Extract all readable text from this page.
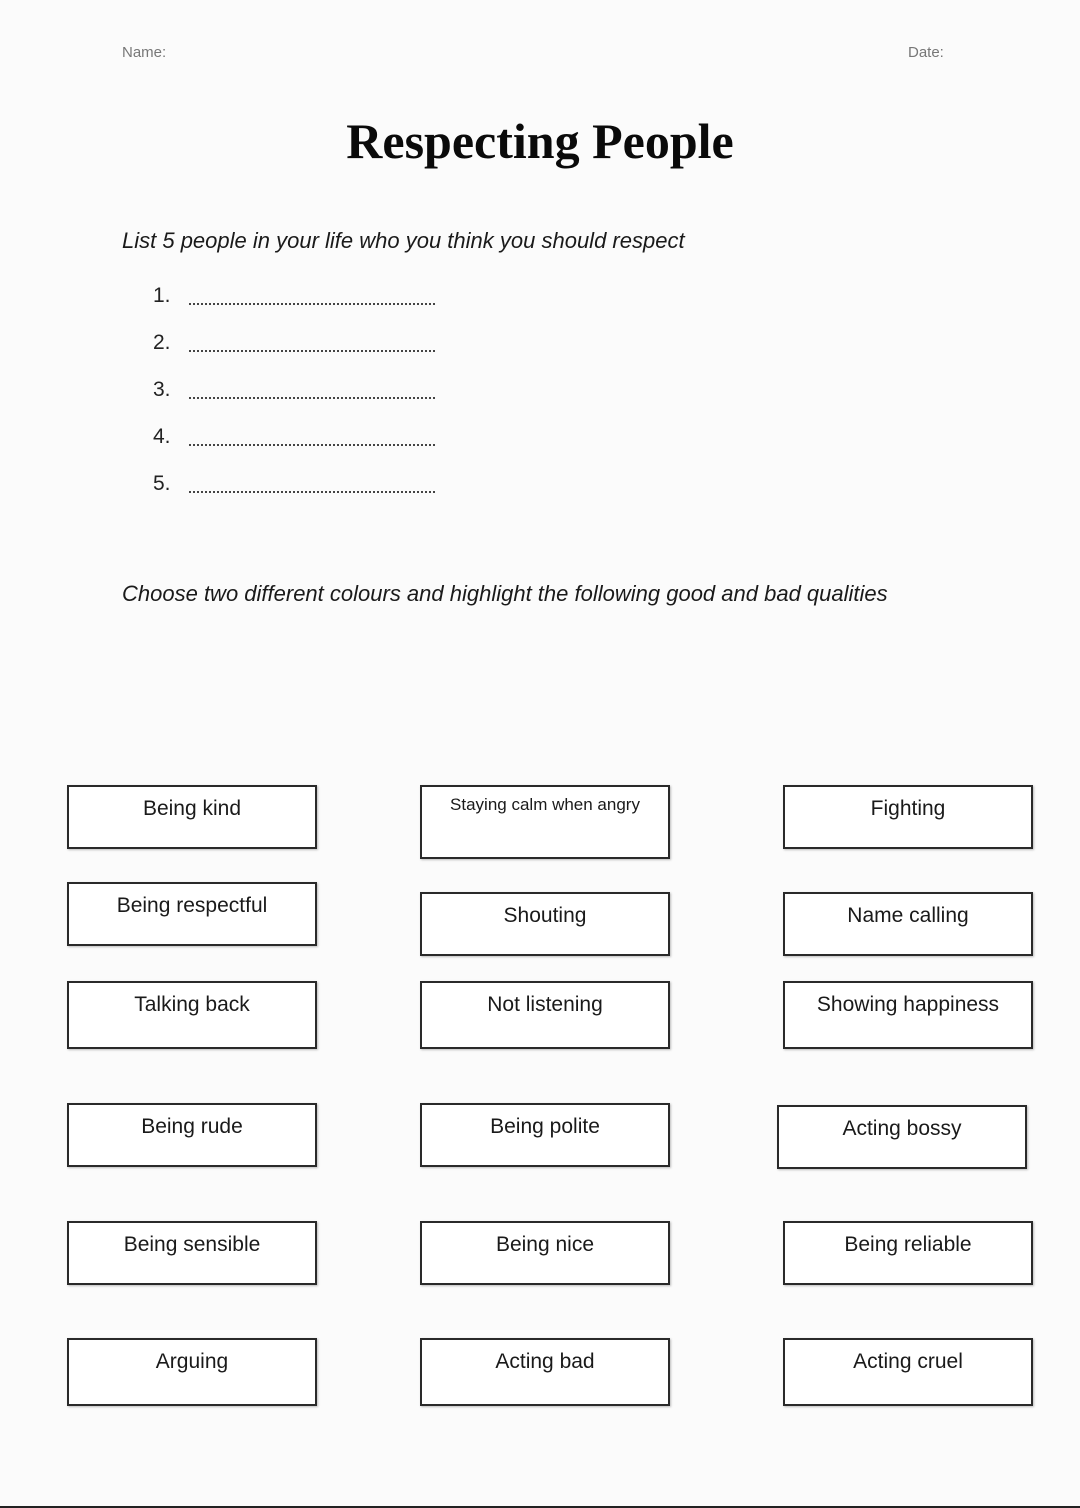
Name:	Date:
Respecting People
List 5 people in your life who you think you should respect
1.
2.
3.
4.
5.
Choose two different colours and highlight the following good and bad qualities
Being kind	Staying calm when angry	Fighting
Being respectful	Shouting	Name calling
Talking back	Not listening	Showing happiness
Being rude	Being polite	Acting bossy
Being sensible	Being nice	Being reliable
Arguing	Acting bad	Acting cruel
